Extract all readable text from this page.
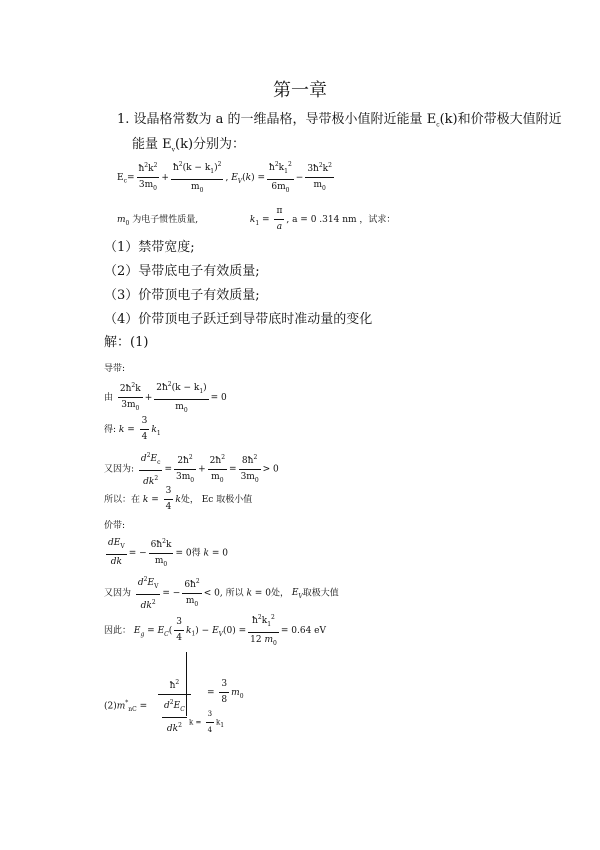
第一章
1. 设晶格常数为 a 的一维晶格，导带极小值附近能量 $E_c(k)$和价带极大值附近
能量 $E_v(k)$分别为：
$E_c= \frac{ħ^2k^2}{3m_0} + \frac{ħ^2(k - k_1)^2}{m_0}$ , $E_V(k) = \frac{ħ^2k_1^2}{6m_0} - \frac{3ħ^2k^2}{m_0}$
$m_0$ 为电子惯性质量,	$k_1 = \frac{\pi}{a}$ , a = 0 .314 nm ，试求：
（1）禁带宽度;
（2）导带底电子有效质量;
（3）价带顶电子有效质量;
（4）价带顶电子跃迁到导带底时准动量的变化
解：(1)
导带:
由 $\frac{2ħ^2k}{3m_0} + \frac{2ħ^2(k - k_1)}{m_0} = 0$
得: $k = \frac{3}{4} k_1$
又因为: $\frac{d^2E_c}{dk^2} = \frac{2ħ^2}{3m_0} + \frac{2ħ^2}{m_0} = \frac{8ħ^2}{3m_0} > 0$
所以：在 $k = \frac{3}{4}$ k处， Ec 取极小值
价带:
$\frac{dE_V}{dk}$ = − $\frac{6ħ^2k}{m_0} = 0$得 k = 0
又因为 $\frac{d^2E_V}{dk^2}$ = − $\frac{6ħ^2}{m_0} < 0$, 所以 k = 0处， $E_V$取极大值
因此： $E_g = E_C( \frac{3}{4} k_1) - E_V(0) = \frac{ħ^2k_1^2}{12 m_0} = 0.64$ eV
$(2)m^*_{nC} = \frac{ħ^2}{\frac{d^2E_C}{dk^2}}$
$k = \frac{3}{4} k_1$
= $\frac{3}{8} m_0$
